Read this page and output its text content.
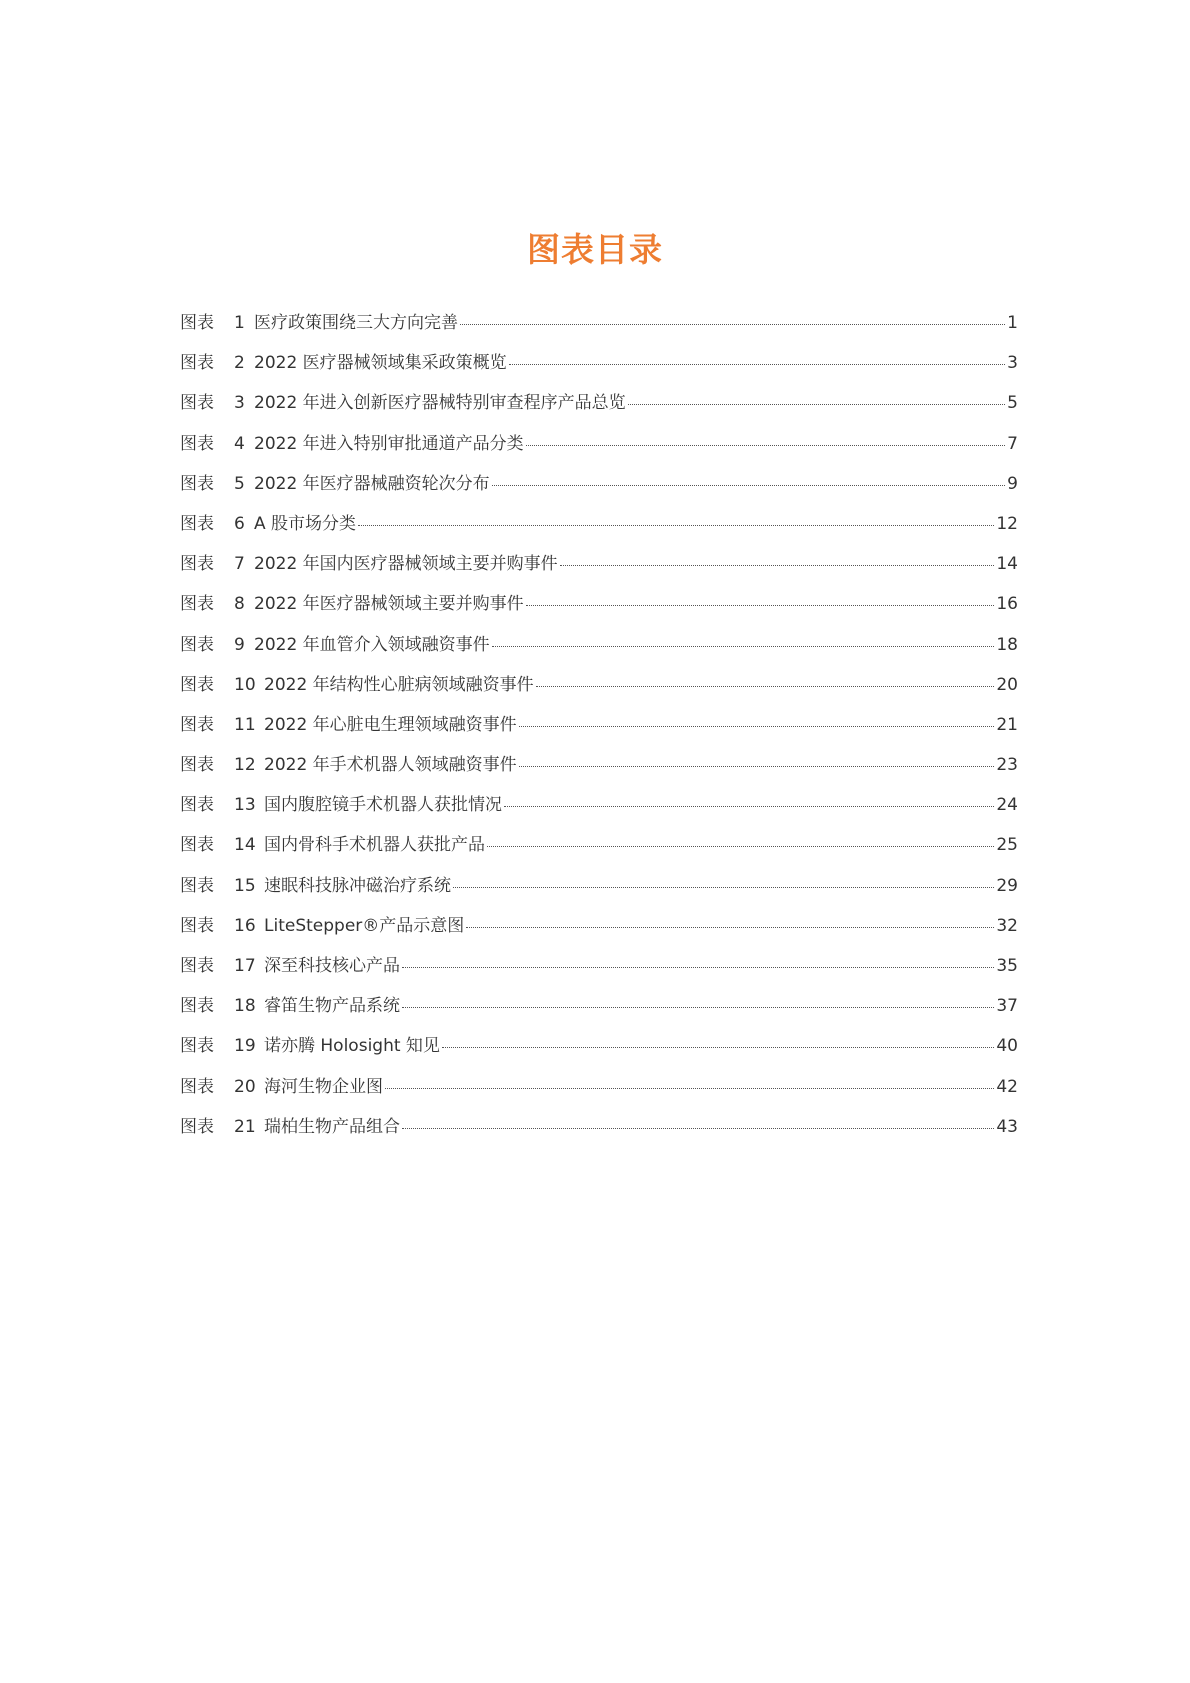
图表目录
图表	1 医疗政策围绕三大方向完善	1
图表	2 2022 医疗器械领域集采政策概览	3
图表	3 2022 年进入创新医疗器械特别审查程序产品总览	5
图表	4 2022 年进入特别审批通道产品分类	7
图表	5 2022 年医疗器械融资轮次分布	9
图表	6 A 股市场分类	12
图表	7 2022 年国内医疗器械领域主要并购事件	14
图表	8 2022 年医疗器械领域主要并购事件	16
图表	9 2022 年血管介入领域融资事件	18
图表	10 2022 年结构性心脏病领域融资事件	20
图表	11 2022 年心脏电生理领域融资事件	21
图表	12 2022 年手术机器人领域融资事件	23
图表	13 国内腹腔镜手术机器人获批情况	24
图表	14 国内骨科手术机器人获批产品	25
图表	15 速眠科技脉冲磁治疗系统	29
图表	16 LiteStepper®产品示意图	32
图表	17 深至科技核心产品	35
图表	18 睿笛生物产品系统	37
图表	19 诺亦腾 Holosight 知见	40
图表	20 海河生物企业图	42
图表	21 瑞柏生物产品组合	43
